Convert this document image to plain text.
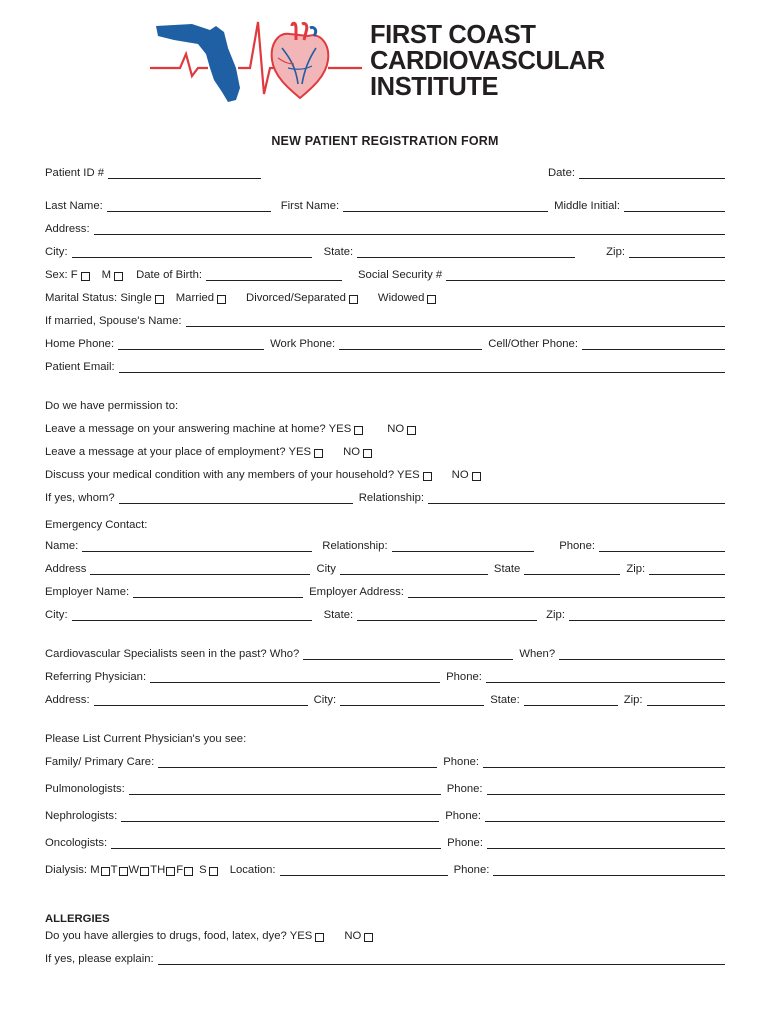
FIRST COAST
CARDIOVASCULAR
INSTITUTE
NEW PATIENT REGISTRATION FORM
Patient ID #	Date:
Last Name:	First Name:	Middle Initial:
Address:
City:	State:	Zip:
Sex: F M Date of Birth:	Social Security #
Marital Status: Single Married	Divorced/Separated	Widowed
If married, Spouse's Name:
Home Phone:	Work Phone:	Cell/Other Phone:
Patient Email:
Do we have permission to:
Leave a message on your answering machine at home? YES	NO
Leave a message at your place of employment? YES	NO
Discuss your medical condition with any members of your household? YES	NO
If yes, whom?	Relationship:
Emergency Contact:
Name:	Relationship:	Phone:
Address	City	State	Zip:
Employer Name:	Employer Address:
City:	State:	Zip:
Cardiovascular Specialists seen in the past? Who?	When?
Referring Physician:	Phone:
Address:	City:	State:	Zip:
Please List Current Physician's you see:
Family/ Primary Care:	Phone:
Pulmonologists:	Phone:
Nephrologists:	Phone:
Oncologists:	Phone:
Dialysis: M T W TH F S Location:	Phone:
ALLERGIES
Do you have allergies to drugs, food, latex, dye? YES	NO
If yes, please explain:
